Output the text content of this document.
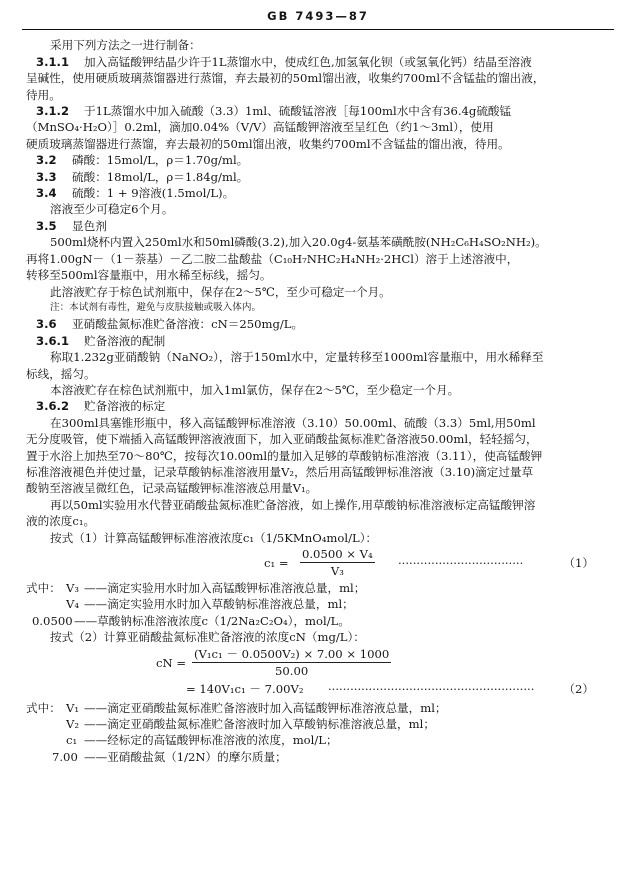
GB 7493—87

采用下列方法之一进行制备：

3.1.1 加入高锰酸钾结晶少许于1L蒸馏水中，使成红色,加氢氧化钡（或氢氧化钙）结晶至溶液

呈碱性，使用硬质玻璃蒸馏器进行蒸馏，弃去最初的50ml馏出液，收集约700ml不含锰盐的馏出液，

待用。

3.1.2 于1L蒸馏水中加入硫酸（3.3）1ml、硫酸锰溶液［每100ml水中含有36.4g硫酸锰

（MnSO₄·H₂O）］0.2ml，滴加0.04%（V/V）高锰酸钾溶液至呈红色（约1～3ml），使用

硬质玻璃蒸馏器进行蒸馏，弃去最初的50ml馏出液，收集约700ml不含锰盐的馏出液，待用。

3.2 磷酸：15mol/L，ρ＝1.70g/ml。

3.3 硫酸：18mol/L，ρ＝1.84g/ml。

3.4 硫酸：1 + 9溶液(1.5mol/L)。

溶液至少可稳定6个月。

3.5 显色剂

500ml烧杯内置入250ml水和50ml磷酸(3.2),加入20.0g4-氨基苯磺酰胺(NH₂C₆H₄SO₂NH₂)。

再将1.00gN－（1－萘基）－乙二胺二盐酸盐（C₁₀H₇NHC₂H₄NH₂·2HCl）溶于上述溶液中，

转移至500ml容量瓶中，用水稀至标线，摇匀。

此溶液贮存于棕色试剂瓶中，保存在2～5℃，至少可稳定一个月。

注：本试剂有毒性，避免与皮肤接触或吸入体内。

3.6 亚硝酸盐氮标准贮备溶液：cN＝250mg/L。

3.6.1 贮备溶液的配制

称取1.232g亚硝酸钠（NaNO₂），溶于150ml水中，定量转移至1000ml容量瓶中，用水稀释至

标线，摇匀。

本溶液贮存在棕色试剂瓶中，加入1ml氯仿，保存在2～5℃，至少稳定一个月。

3.6.2 贮备溶液的标定

在300ml具塞锥形瓶中，移入高锰酸钾标准溶液（3.10）50.00ml、硫酸（3.3）5ml,用50ml

无分度吸管，使下端插入高锰酸钾溶液液面下，加入亚硝酸盐氮标准贮备溶液50.00ml，轻轻摇匀，

置于水浴上加热至70～80℃，按每次10.00ml的量加入足够的草酸钠标准溶液（3.11），使高锰酸钾

标准溶液褪色并使过量，记录草酸钠标准溶液用量V₂，然后用高锰酸钾标准溶液（3.10)滴定过量草

酸钠至溶液呈微红色，记录高锰酸钾标准溶液总用量V₁。

再以50ml实验用水代替亚硝酸盐氮标准贮备溶液，如上操作,用草酸钠标准溶液标定高锰酸钾溶

液的浓度c₁。

按式（1）计算高锰酸钾标准溶液浓度c₁（1/5KMnO₄mol/L）：

$c_1 = \frac{\text{0.0500 × V₄}}{\text{V₃}}$ ··································	（1）
式中： V₃ ——滴定实验用水时加入高锰酸钾标准溶液总量，ml；
V₄ ——滴定实验用水时加入草酸钠标准溶液总量，ml；
0.0500 ——草酸钠标准溶液浓度c（1/2Na₂C₂O₄），mol/L。

按式（2）计算亚硝酸盐氮标准贮备溶液的浓度cN（mg/L）：

cN = $\frac{\text{(V₁c₁ － 0.0500V₂) × 7.00 × 1000}}{50.00}$
= 140V₁c₁ － 7.00V₂ ························································	（2）
式中： V₁ ——滴定亚硝酸盐氮标准贮备溶液时加入高锰酸钾标准溶液总量，ml；
V₂ ——滴定亚硝酸盐氮标准贮备溶液时加入草酸钠标准溶液总量，ml；
c₁ ——经标定的高锰酸钾标准溶液的浓度，mol/L；
7.00 ——亚硝酸盐氮（1/2N）的摩尔质量；
